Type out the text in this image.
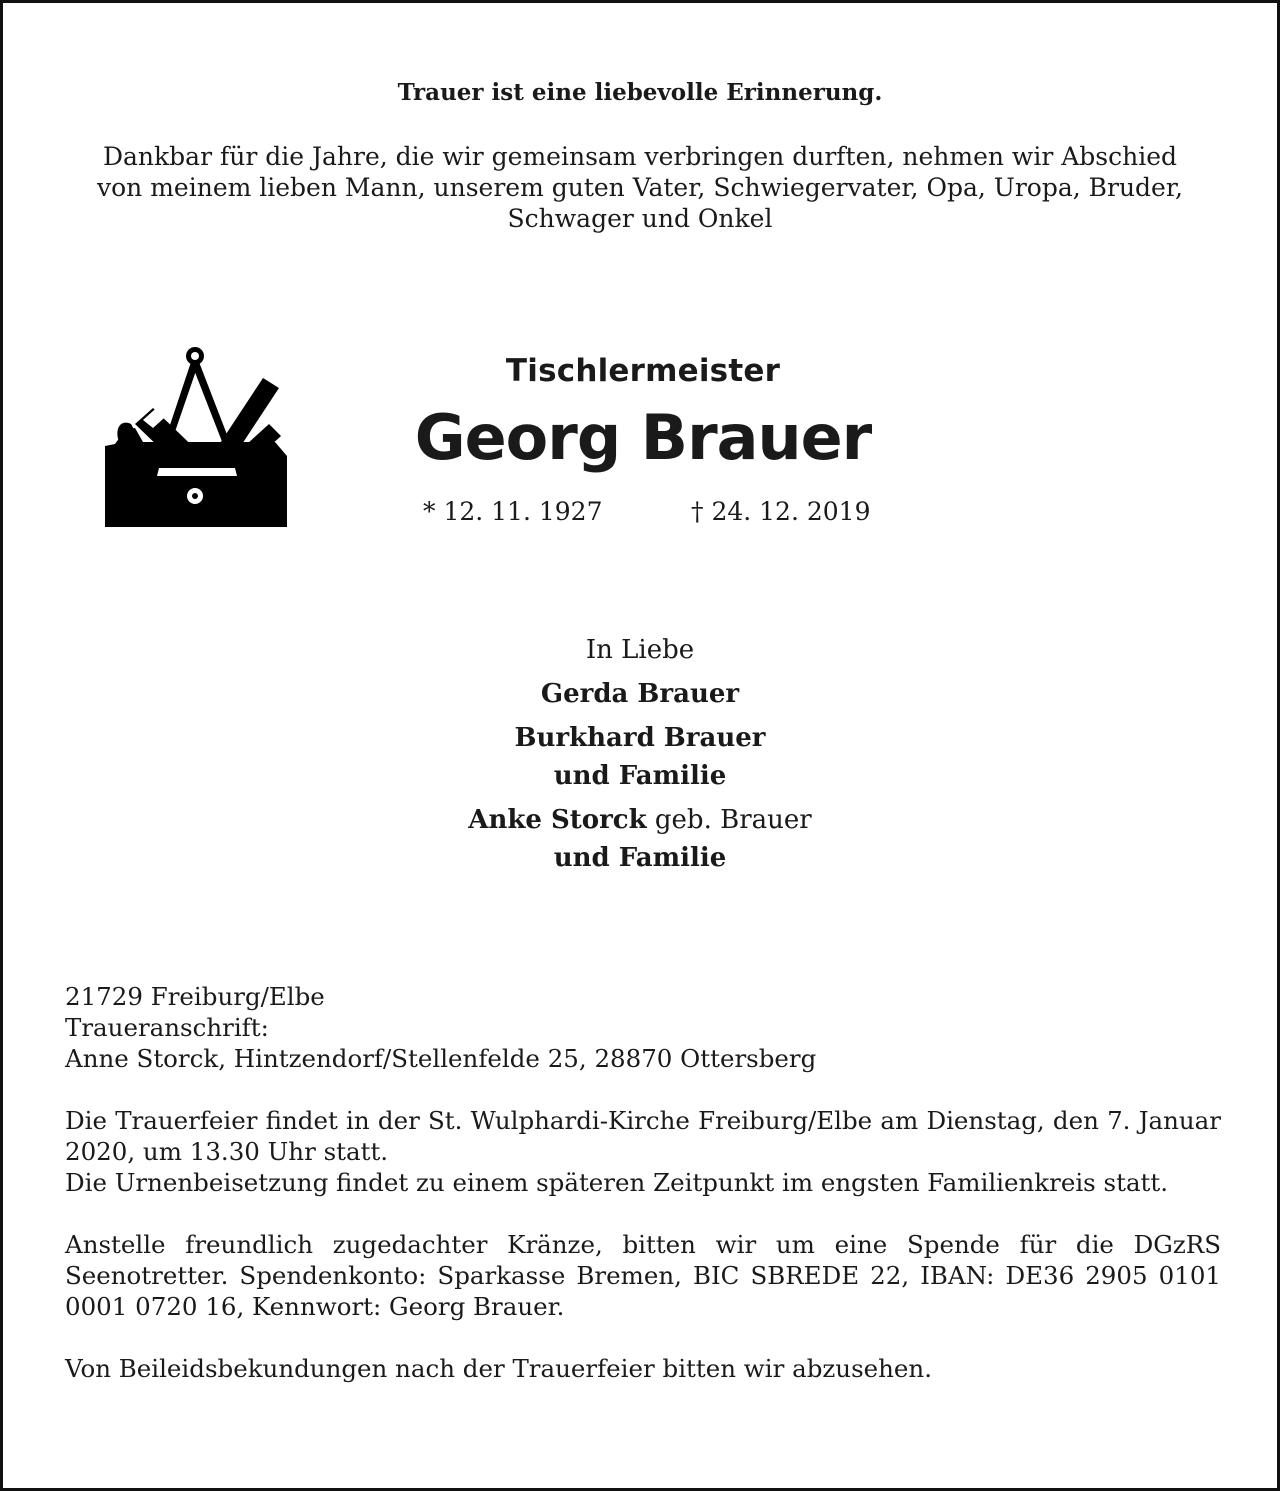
Trauer ist eine liebevolle Erinnerung.

Dankbar für die Jahre, die wir gemeinsam verbringen durften, nehmen wir Abschied
von meinem lieben Mann, unserem guten Vater, Schwiegervater, Opa, Uropa, Bruder,
Schwager und Onkel

Tischlermeister

Georg Brauer

* 12. 11. 1927	† 24. 12. 2019

In Liebe
Gerda Brauer
Burkhard Brauer
und Familie
Anke Storck geb. Brauer
und Familie
21729 Freiburg/Elbe
Traueranschrift:
Anne Storck, Hintzendorf/Stellenfelde 25, 28870 Ottersberg
Die Trauerfeier findet in der St. Wulphardi-Kirche Freiburg/Elbe am Dienstag, den 7. Januar 2020, um 13.30 Uhr statt.
Die Urnenbeisetzung findet zu einem späteren Zeitpunkt im engsten Familienkreis statt.
Anstelle freundlich zugedachter Kränze, bitten wir um eine Spende für die DGzRS Seenotretter. Spendenkonto: Sparkasse Bremen, BIC SBREDE 22, IBAN: DE36 2905 0101 0001 0720 16, Kennwort: Georg Brauer.
Von Beileidsbekundungen nach der Trauerfeier bitten wir abzusehen.
